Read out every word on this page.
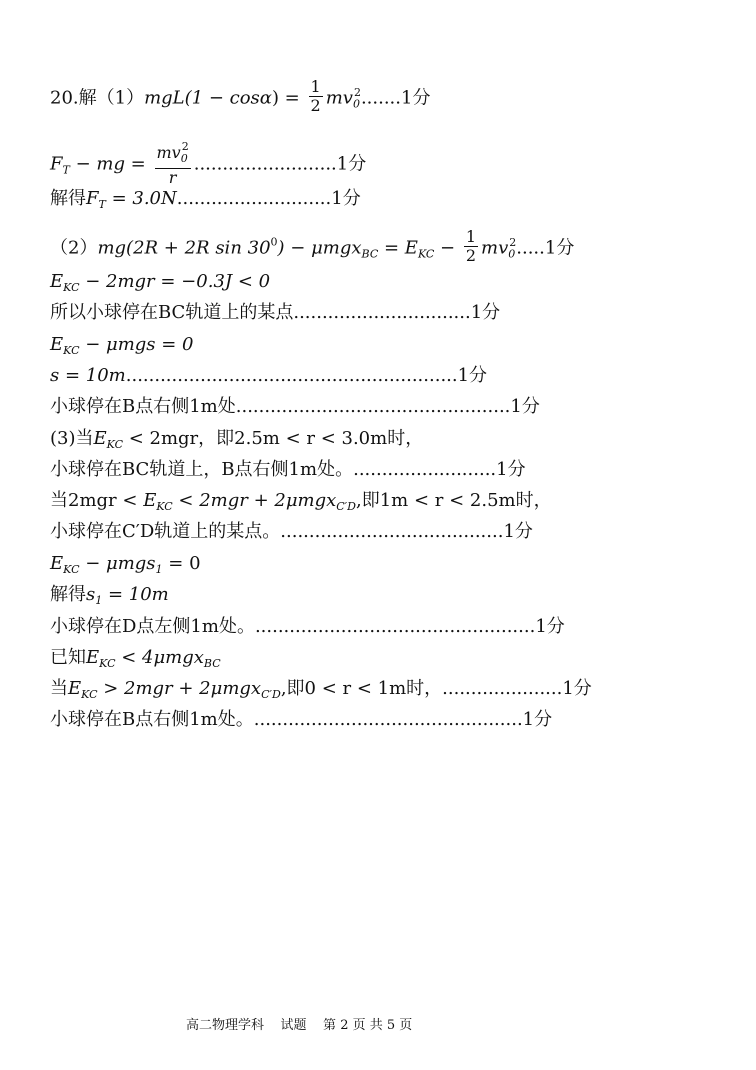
20.解$(1)mgL(1 - \cos\alpha) = \frac{1}{2} mv_0^2.......1$分
$F_T$ − mg = $\frac{mv_0^2}{r} .........................1$分
解得$F_T = 3.0N...........................1$分
（2）mg(2R + 2R $\sin 30^0) - \mu mgx_{BC} = E_{KC} - \frac{1}{2} mv_0^2.....1$分
$E_{KC} - 2mgr = -0.3J < 0$
所以小球停在BC轨道上的某点...............................1分
$E_{KC} - \mu mgs = 0$
s = 10m..........................................................1分
小球停在B点右侧1m处................................................1分
(3)当$E_{KC} < 2mgr$，即2.5m < r < 3.0m时，
小球停在BC轨道上，B点右侧1m处。.........................1分
当$2mgr < E_{KC} < 2mgr + 2\mu mgx_{C'D}$,即1m < r < 2.5m时，
小球停在C′D轨道上的某点。.......................................1分
$E_{KC} - \mu mgs_1 = 0$
解得$s_1 = 10m$
小球停在D点左侧1m处。.................................................1分
已知$E_{KC} < 4\mu mgx_{BC}$
当$E_{KC} > 2mgr + 2\mu mgx_{C'D}$,即0 < r < 1m时，.....................1分
小球停在B点右侧1m处。...............................................1分
高二物理学科    试题    第 2 页 共 5 页
